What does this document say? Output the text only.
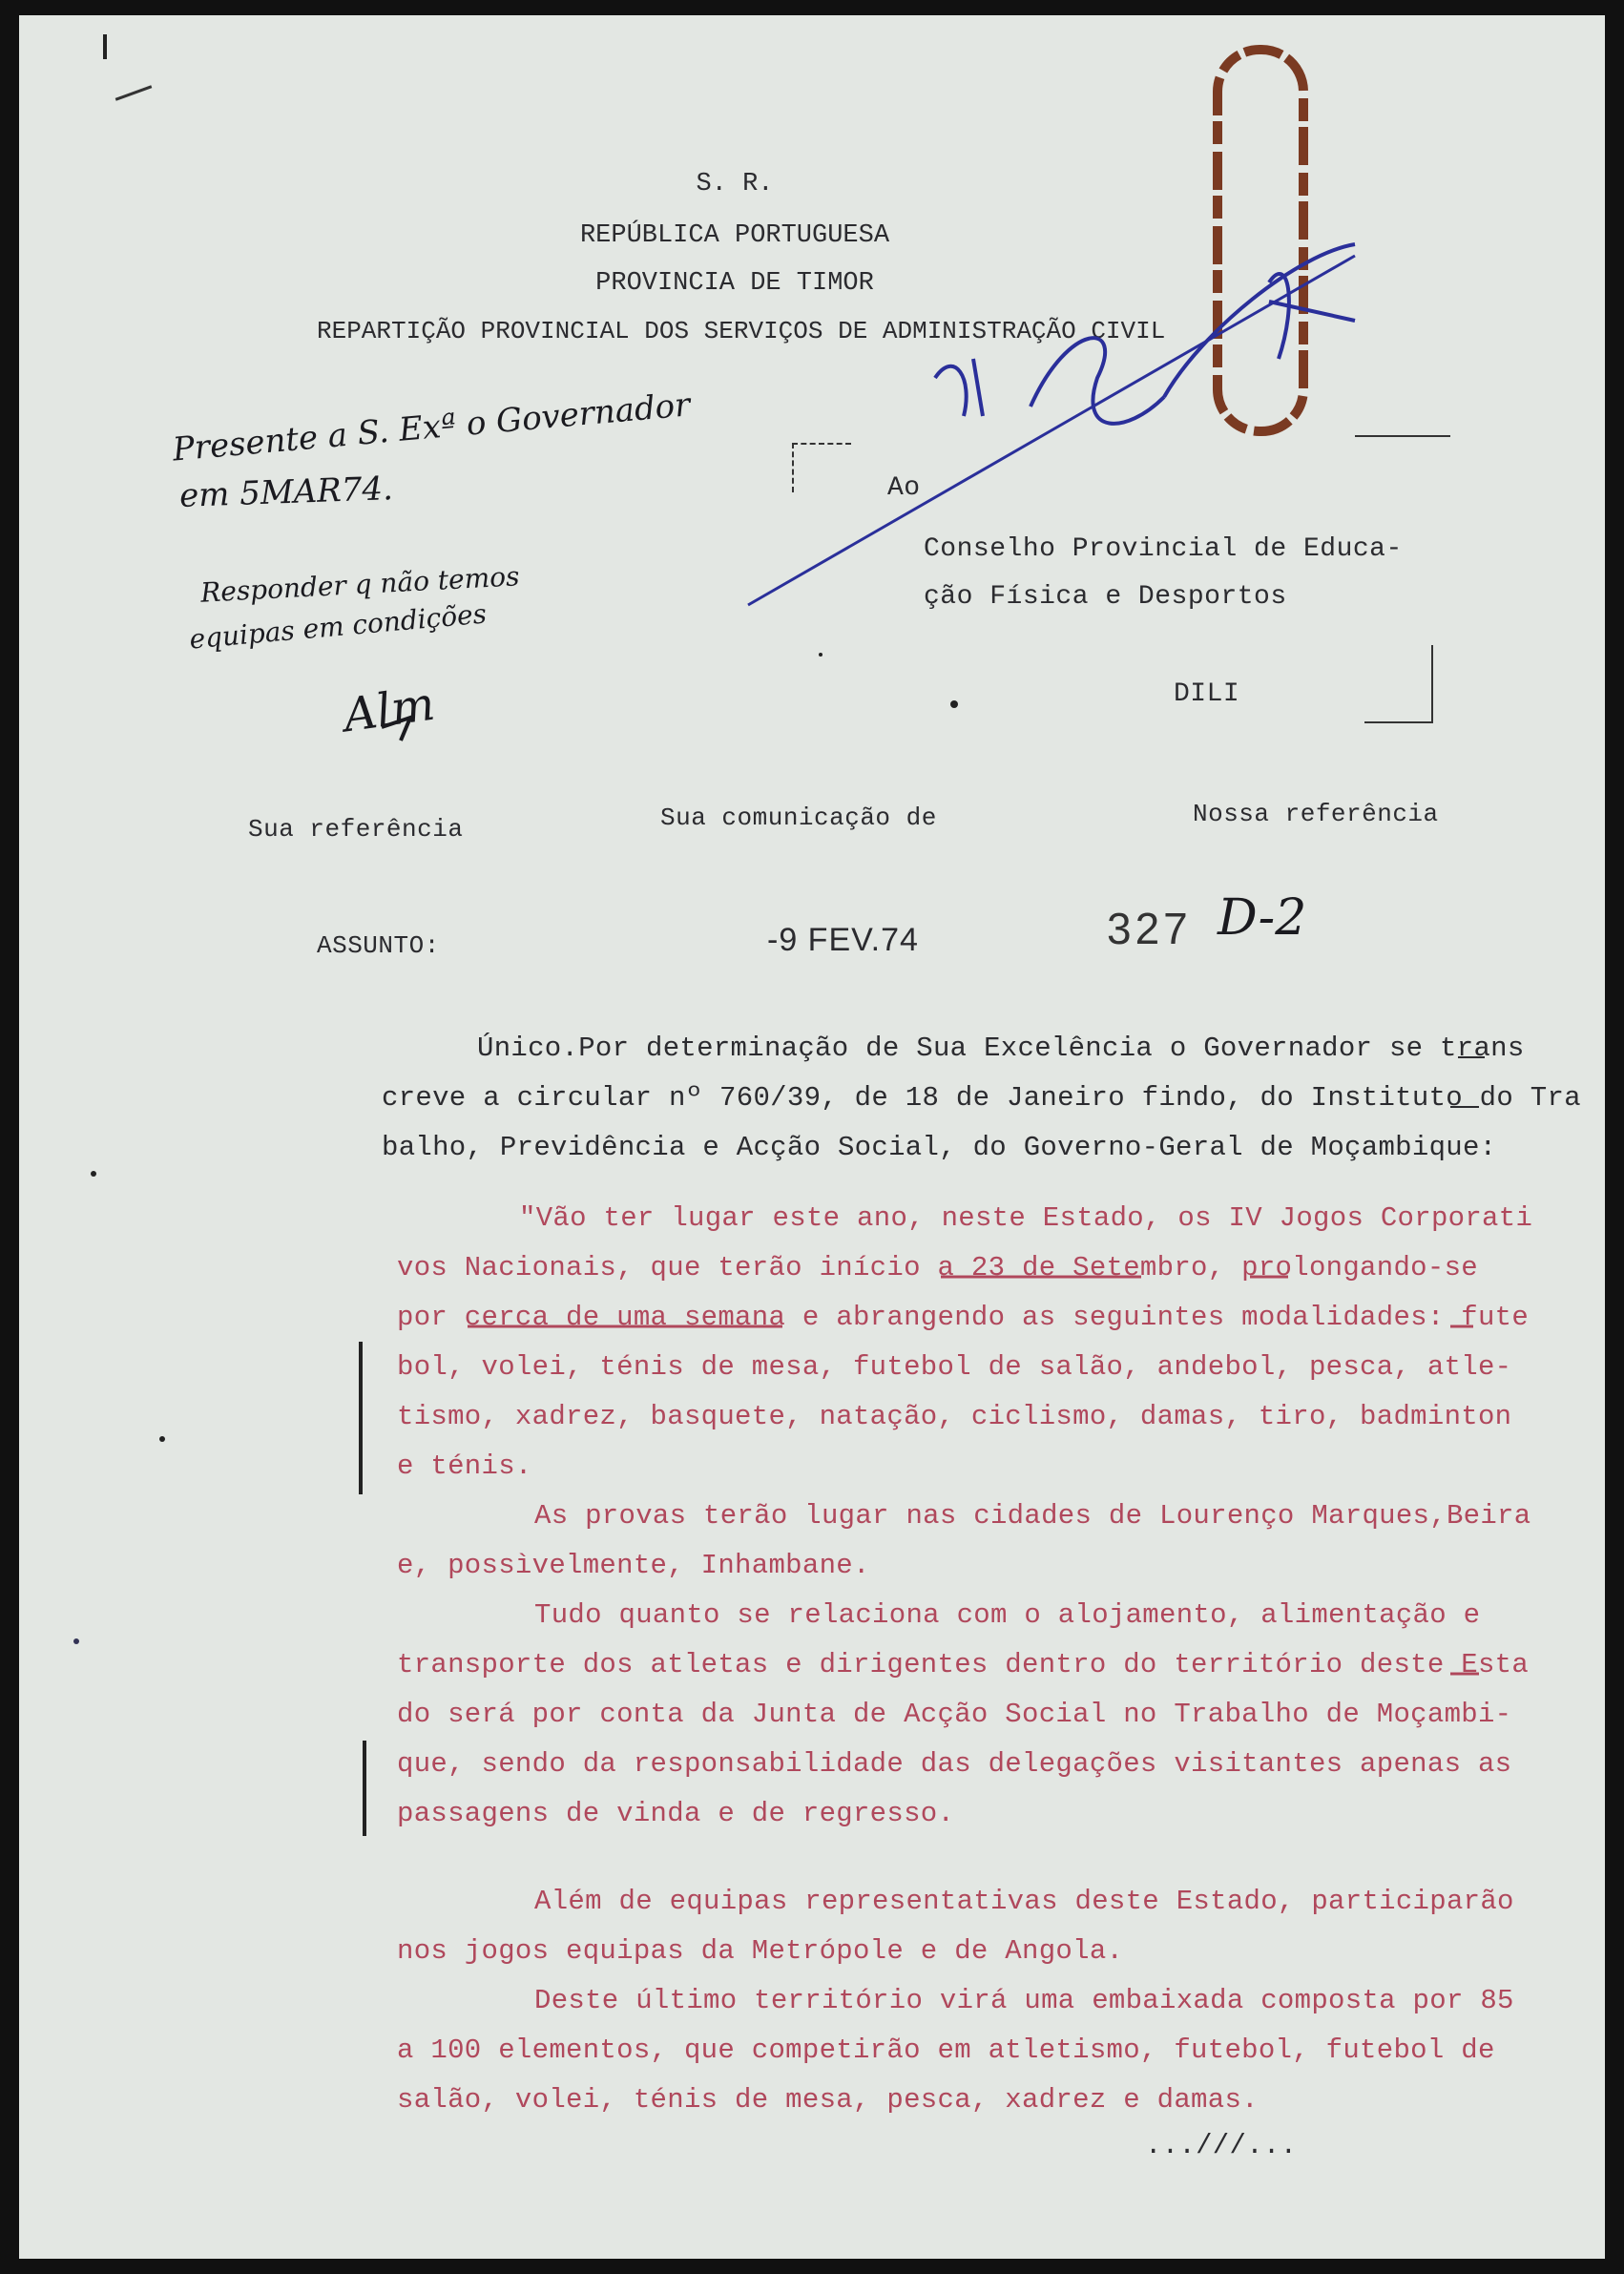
S. R.
REPÚBLICA PORTUGUESA
PROVINCIA DE TIMOR
REPARTIÇÃO PROVINCIAL DOS SERVIÇOS DE ADMINISTRAÇÃO CIVIL
Presente a S. Exª o Governador
em 5MAR74.
Responder q não temos
equipas em condições
Alm
Ao
Conselho Provincial de Educa-
ção Física e Desportos
DILI
Sua referência	Sua comunicação de	Nossa referência
ASSUNTO:	-9 FEV.74	327 D-2
Único.Por determinação de Sua Excelência o Governador se trans
creve a circular nº 760/39, de 18 de Janeiro findo, do Instituto do Tra
balho, Previdência e Acção Social, do Governo-Geral de Moçambique:
"Vão ter lugar este ano, neste Estado, os IV Jogos Corporati
vos Nacionais, que terão início a 23 de Setembro, prolongando-se
por cerca de uma semana e abrangendo as seguintes modalidades: fute
bol, volei, ténis de mesa, futebol de salão, andebol, pesca, atle-
tismo, xadrez, basquete, natação, ciclismo, damas, tiro, badminton
e ténis.
As provas terão lugar nas cidades de Lourenço Marques,Beira
e, possìvelmente, Inhambane.
Tudo quanto se relaciona com o alojamento, alimentação e
transporte dos atletas e dirigentes dentro do território deste Esta
do será por conta da Junta de Acção Social no Trabalho de Moçambi-
que, sendo da responsabilidade das delegações visitantes apenas as
passagens de vinda e de regresso.
Além de equipas representativas deste Estado, participarão
nos jogos equipas da Metrópole e de Angola.
Deste último território virá uma embaixada composta por 85
a 100 elementos, que competirão em atletismo, futebol, futebol de
salão, volei, ténis de mesa, pesca, xadrez e damas.
...///...
